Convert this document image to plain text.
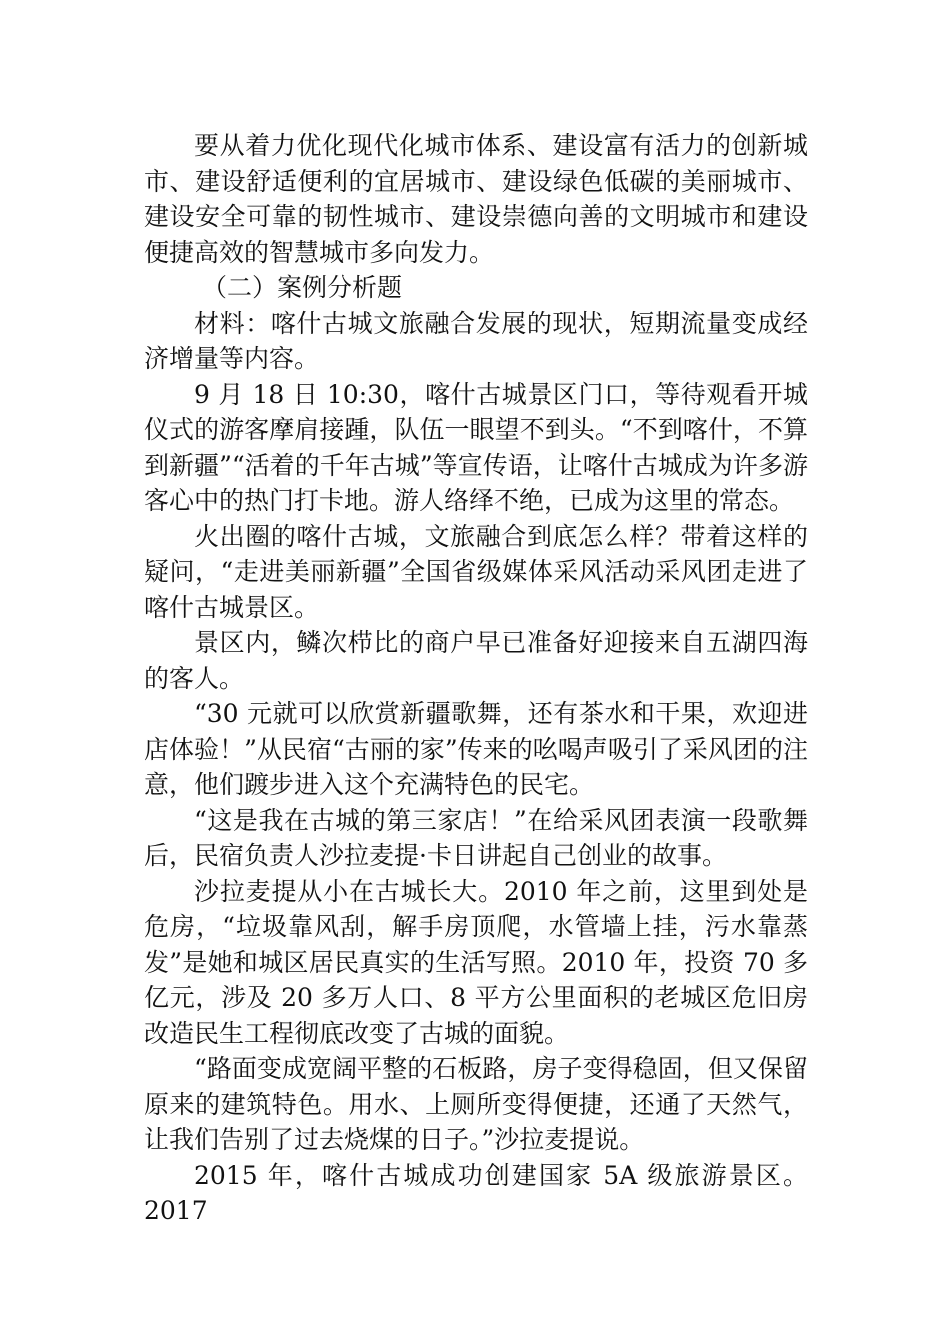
要从着力优化现代化城市体系、建设富有活力的创新城市、建设舒适便利的宜居城市、建设绿色低碳的美丽城市、建设安全可靠的韧性城市、建设崇德向善的文明城市和建设便捷高效的智慧城市多向发力。

（二）案例分析题

材料：喀什古城文旅融合发展的现状，短期流量变成经济增量等内容。

9 月 18 日 10:30，喀什古城景区门口，等待观看开城仪式的游客摩肩接踵，队伍一眼望不到头。“不到喀什，不算到新疆”“活着的千年古城”等宣传语，让喀什古城成为许多游客心中的热门打卡地。游人络绎不绝，已成为这里的常态。

火出圈的喀什古城，文旅融合到底怎么样？带着这样的疑问，“走进美丽新疆”全国省级媒体采风活动采风团走进了喀什古城景区。

景区内，鳞次栉比的商户早已准备好迎接来自五湖四海的客人。

“30 元就可以欣赏新疆歌舞，还有茶水和干果，欢迎进店体验！”从民宿“古丽的家”传来的吆喝声吸引了采风团的注意，他们踱步进入这个充满特色的民宅。

“这是我在古城的第三家店！”在给采风团表演一段歌舞后，民宿负责人沙拉麦提·卡日讲起自己创业的故事。

沙拉麦提从小在古城长大。2010 年之前，这里到处是危房，“垃圾靠风刮，解手房顶爬，水管墙上挂，污水靠蒸发”是她和城区居民真实的生活写照。2010 年，投资 70 多亿元，涉及 20 多万人口、8 平方公里面积的老城区危旧房改造民生工程彻底改变了古城的面貌。

“路面变成宽阔平整的石板路，房子变得稳固，但又保留原来的建筑特色。用水、上厕所变得便捷，还通了天然气，让我们告别了过去烧煤的日子。”沙拉麦提说。

2015 年，喀什古城成功创建国家 5A 级旅游景区。2017
